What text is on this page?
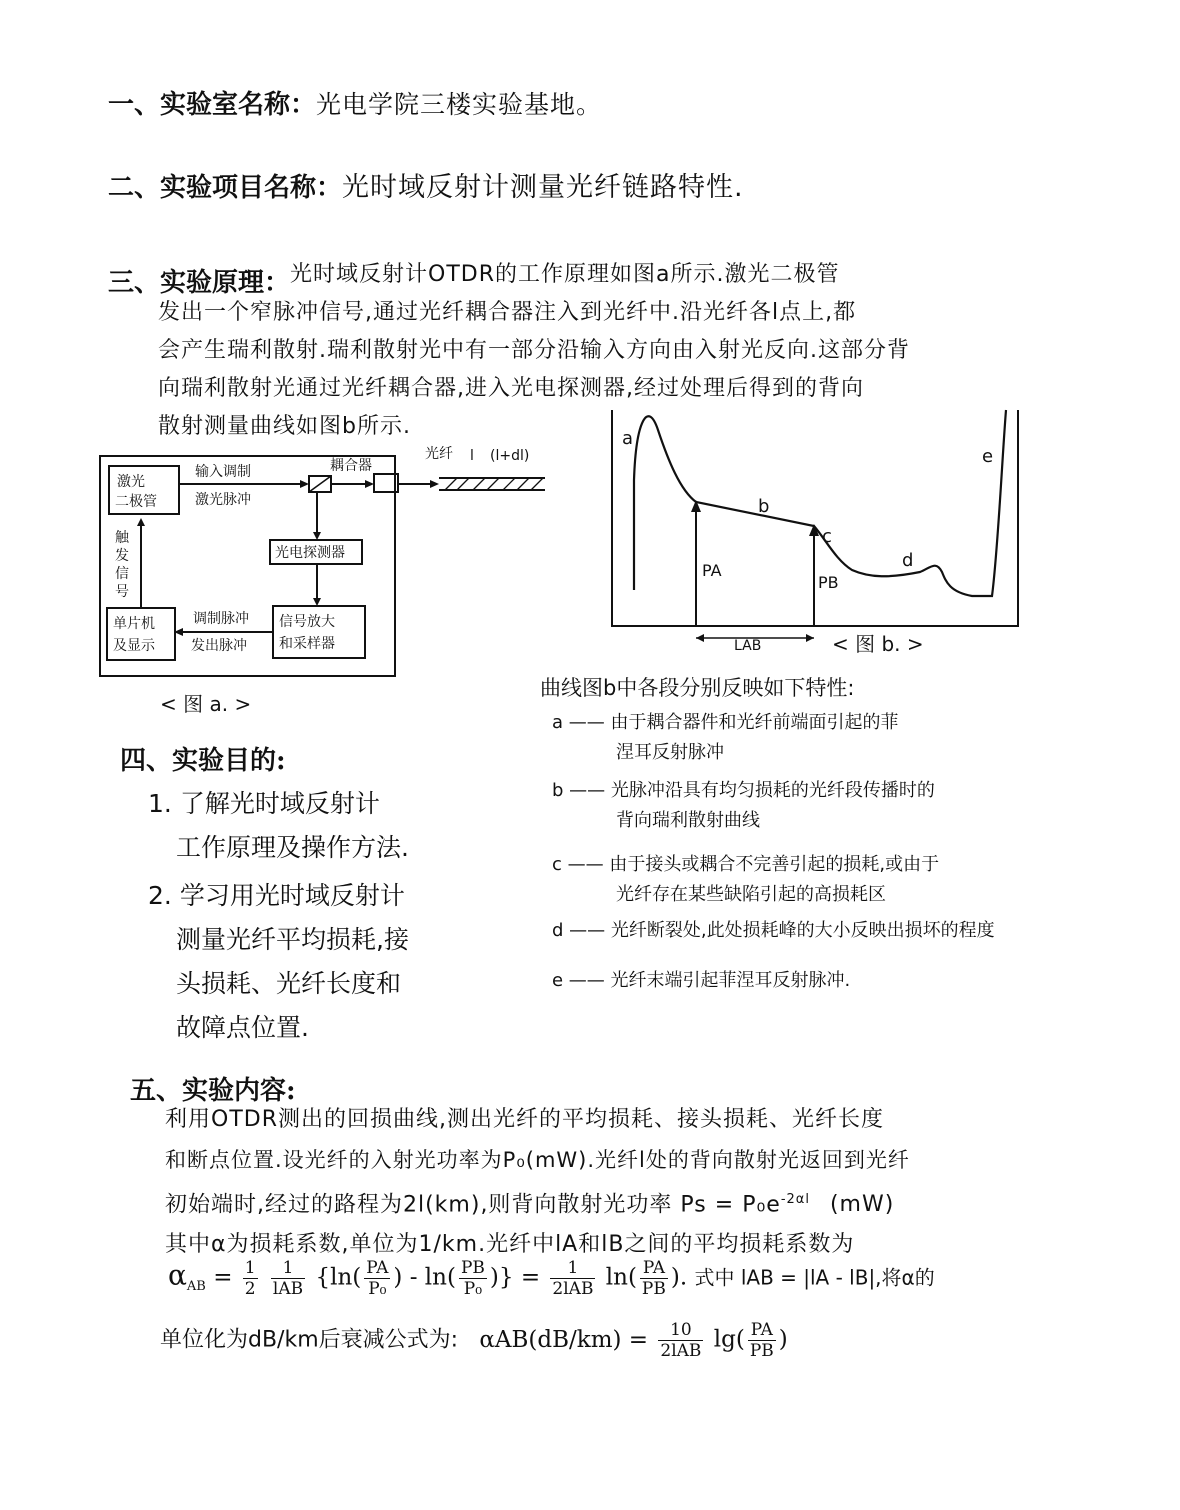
一、实验室名称：光电学院三楼实验基地。
二、实验项目名称：光时域反射计测量光纤链路特性.
三、实验原理： 光时域反射计OTDR的工作原理如图a所示.激光二极管
发出一个窄脉冲信号,通过光纤耦合器注入到光纤中.沿光纤各l点上,都
会产生瑞利散射.瑞利散射光中有一部分沿输入方向由入射光反向.这部分背
向瑞利散射光通过光纤耦合器,进入光电探测器,经过处理后得到的背向
散射测量曲线如图b所示.
激光
二极管
输入调制
激光脉冲
耦合器
光纤 l (l+dl)
光电探测器
信号放大
和采样器
调制脉冲
发出脉冲
单片机
及显示
触
发
信
号
< 图 a. >
a
b
c
d
e
PA
PB
LAB	< 图 b. >
曲线图b中各段分别反映如下特性:
a —— 由于耦合器件和光纤前端面引起的菲
涅耳反射脉冲
b —— 光脉冲沿具有均匀损耗的光纤段传播时的
背向瑞利散射曲线
c —— 由于接头或耦合不完善引起的损耗,或由于
光纤存在某些缺陷引起的高损耗区
d —— 光纤断裂处,此处损耗峰的大小反映出损坏的程度
e —— 光纤末端引起菲涅耳反射脉冲.
四、实验目的:
1. 了解光时域反射计
工作原理及操作方法.
2. 学习用光时域反射计
测量光纤平均损耗,接
头损耗、光纤长度和
故障点位置.
五、实验内容:
利用OTDR测出的回损曲线,测出光纤的平均损耗、接头损耗、光纤长度
和断点位置.设光纤的入射光功率为P₀(mW).光纤l处的背向散射光返回到光纤
初始端时,经过的路程为2l(km),则背向散射光功率 $Ps = P_0e^{-2\alpha l}$ (mW)
其中α为损耗系数,单位为1/km.光纤中lA和lB之间的平均损耗系数为
$\alpha_{AB} = \frac{1}{2}$
$\frac{1}{\text{lAB}} \{\ln( \frac{PA}{\text{P₀}}$ ) - $\ln( \frac{PB}{\text{P₀}}$ )} = $\frac{1}{\text{2lAB}} \ln( \frac{PA}{PB}$ ). 式中 lAB = |lA - lB|,将α的
单位化为dB/km后衰减公式为: $\alpha AB(dB/km) = \frac{10}{\text{2lAB}} \lg( \frac{PA}{PB}$ )
